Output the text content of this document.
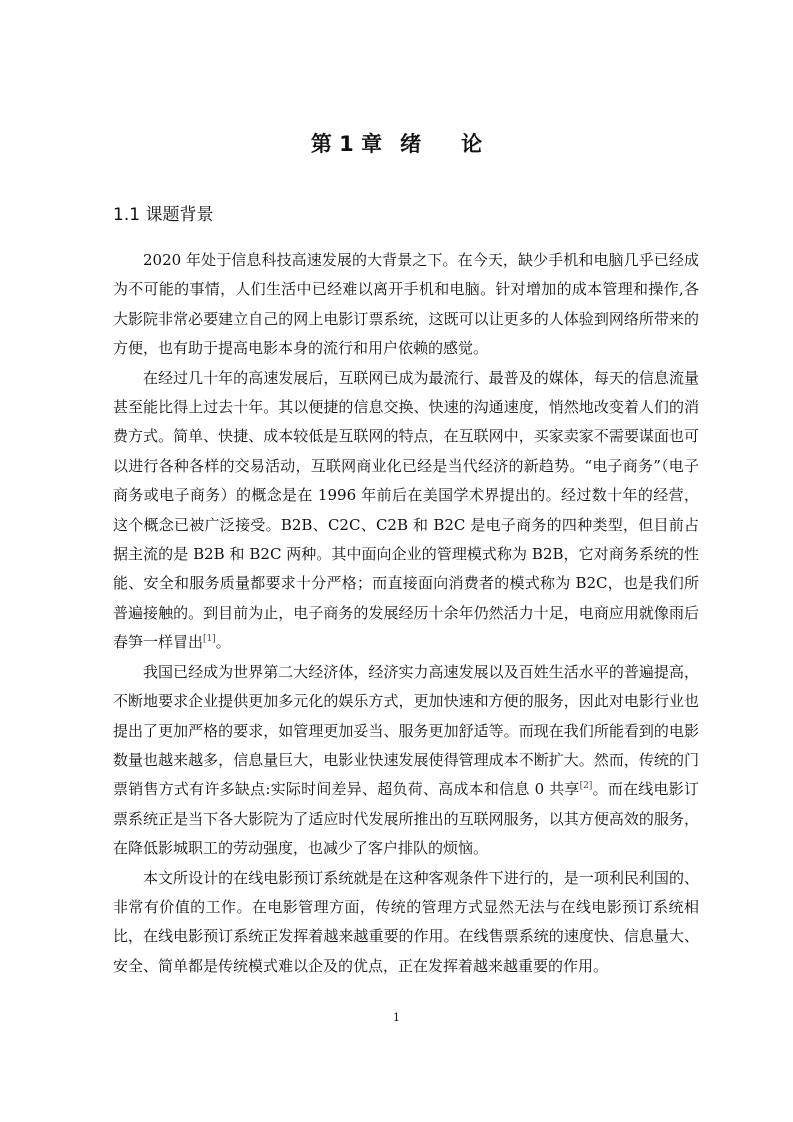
第 1 章 绪 论
1.1 课题背景

2020 年处于信息科技高速发展的大背景之下。在今天，缺少手机和电脑几乎已经成为不可能的事情，人们生活中已经难以离开手机和电脑。针对增加的成本管理和操作,各大影院非常必要建立自己的网上电影订票系统，这既可以让更多的人体验到网络所带来的方便，也有助于提高电影本身的流行和用户依赖的感觉。

在经过几十年的高速发展后，互联网已成为最流行、最普及的媒体，每天的信息流量甚至能比得上过去十年。其以便捷的信息交换、快速的沟通速度，悄然地改变着人们的消费方式。简单、快捷、成本较低是互联网的特点，在互联网中，买家卖家不需要谋面也可以进行各种各样的交易活动，互联网商业化已经是当代经济的新趋势。“电子商务”（电子商务或电子商务）的概念是在 1996 年前后在美国学术界提出的。经过数十年的经营，这个概念已被广泛接受。B2B、C2C、C2B 和 B2C 是电子商务的四种类型，但目前占据主流的是 B2B 和 B2C 两种。其中面向企业的管理模式称为 B2B，它对商务系统的性能、安全和服务质量都要求十分严格；而直接面向消费者的模式称为 B2C，也是我们所普遍接触的。到目前为止，电子商务的发展经历十余年仍然活力十足，电商应用就像雨后春笋一样冒出[1]。

我国已经成为世界第二大经济体，经济实力高速发展以及百姓生活水平的普遍提高，不断地要求企业提供更加多元化的娱乐方式，更加快速和方便的服务，因此对电影行业也提出了更加严格的要求，如管理更加妥当、服务更加舒适等。而现在我们所能看到的电影数量也越来越多，信息量巨大，电影业快速发展使得管理成本不断扩大。然而，传统的门票销售方式有许多缺点:实际时间差异、超负荷、高成本和信息 0 共享[2]。而在线电影订票系统正是当下各大影院为了适应时代发展所推出的互联网服务，以其方便高效的服务，在降低影城职工的劳动强度，也减少了客户排队的烦恼。

本文所设计的在线电影预订系统就是在这种客观条件下进行的，是一项利民利国的、非常有价值的工作。在电影管理方面，传统的管理方式显然无法与在线电影预订系统相比，在线电影预订系统正发挥着越来越重要的作用。在线售票系统的速度快、信息量大、安全、简单都是传统模式难以企及的优点，正在发挥着越来越重要的作用。

1
